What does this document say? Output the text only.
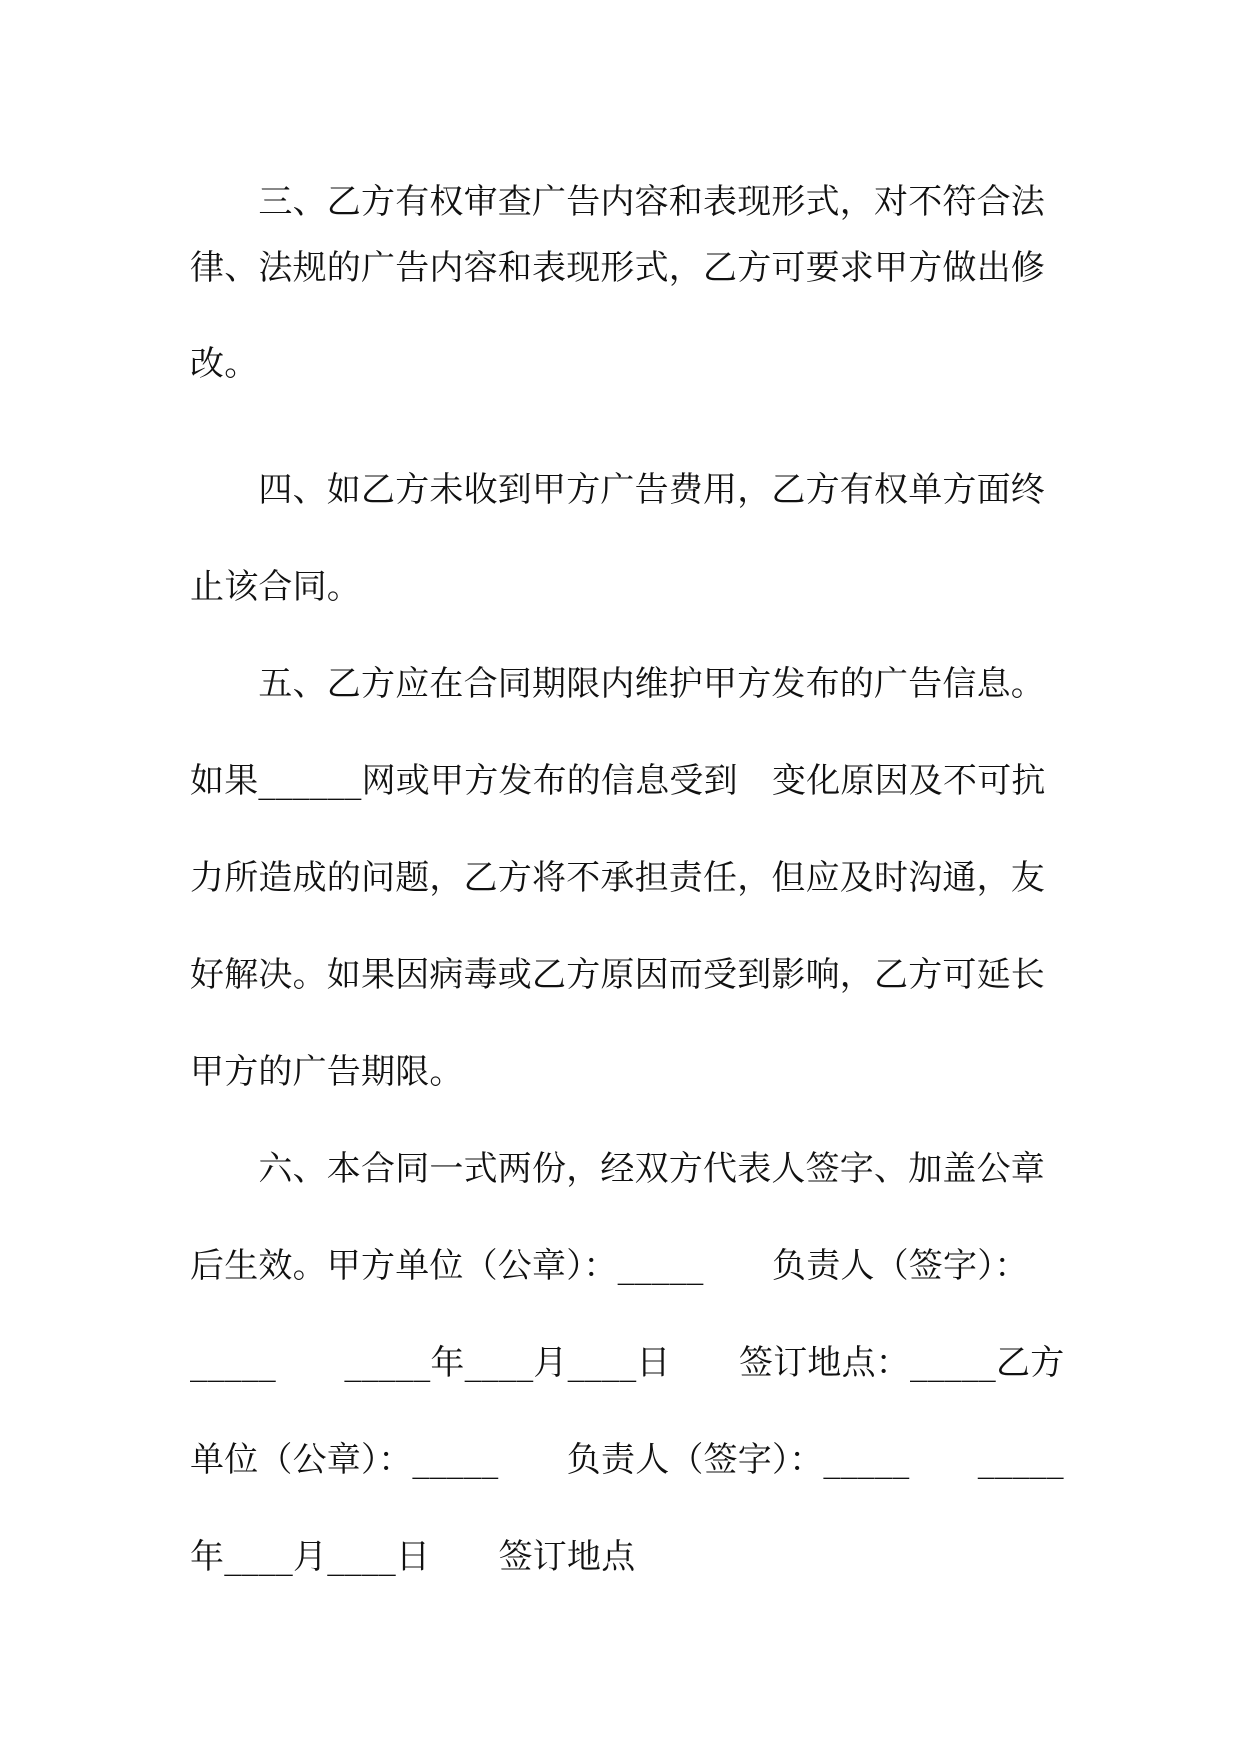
　　三、乙方有权审查广告内容和表现形式，对不符合法
律、法规的广告内容和表现形式，乙方可要求甲方做出修
改。
　　四、如乙方未收到甲方广告费用，乙方有权单方面终
止该合同。
　　五、乙方应在合同期限内维护甲方发布的广告信息。
如果______网或甲方发布的信息受到　变化原因及不可抗
力所造成的问题，乙方将不承担责任，但应及时沟通，友
好解决。如果因病毒或乙方原因而受到影响，乙方可延长
甲方的广告期限。
　　六、本合同一式两份，经双方代表人签字、加盖公章
后生效。甲方单位（公章）：_____　　负责人（签字）：
_____　　_____年____月____日　　签订地点：_____乙方
单位（公章）：_____　　负责人（签字）：_____　　_____
年____月____日　　签订地点
